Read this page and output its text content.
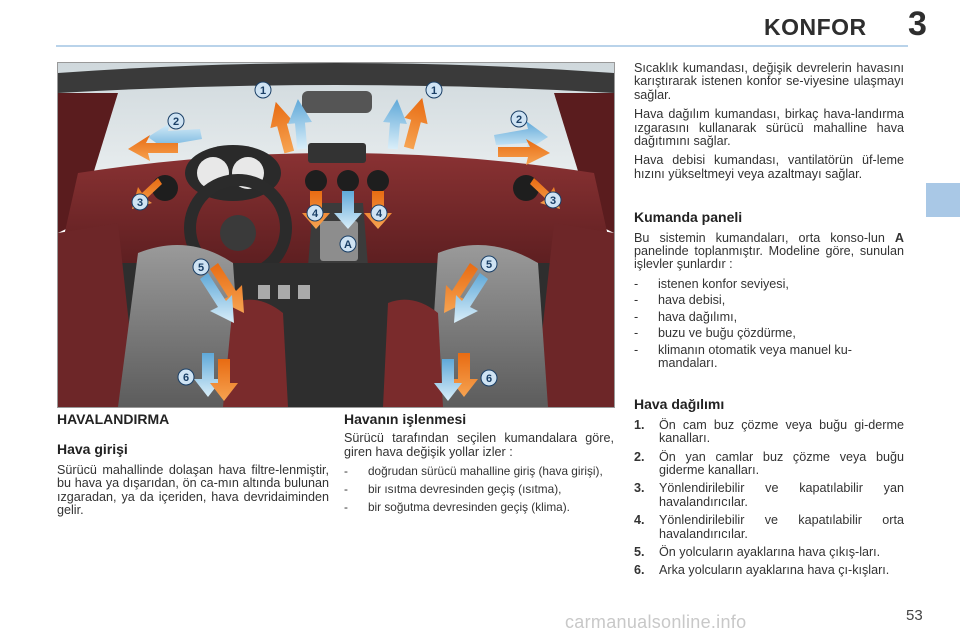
KONFOR 3
1	1
2	2
3	3
4	4
A
5	5
6	6
HAVALANDIRMA
Hava girişi

Sürücü mahallinde dolaşan hava filtre-lenmiştir, bu hava ya dışarıdan, ön ca-mın altında bulunan ızgaradan, ya da içeriden, hava devridaiminden gelir.

Havanın işlenmesi

Sürücü tarafından seçilen kumandalara göre, giren hava değişik yollar izler :

- doğrudan sürücü mahalline giriş (hava girişi),
- bir ısıtma devresinden geçiş (ısıtma),
- bir soğutma devresinden geçiş (klima).

Sıcaklık kumandası, değişik devrelerin havasını karıştırarak istenen konfor se-viyesine ulaşmayı sağlar.

Hava dağılım kumandası, birkaç hava-landırma ızgarasını kullanarak sürücü mahalline hava dağıtımını sağlar.

Hava debisi kumandası, vantilatörün üf-leme hızını yükseltmeyi veya azaltmayı sağlar.

Kumanda paneli

Bu sistemin kumandaları, orta konso-lun A panelinde toplanmıştır. Modeline göre, sunulan işlevler şunlardır :

- istenen konfor seviyesi,
- hava debisi,
- hava dağılımı,
- buzu ve buğu çözdürme,
- klimanın otomatik veya manuel ku-mandaları.
Hava dağılımı
1. Ön cam buz çözme veya buğu gi-derme kanalları.
2. Ön yan camlar buz çözme veya buğu giderme kanalları.
3. Yönlendirilebilir ve kapatılabilir yan havalandırıcılar.
4. Yönlendirilebilir ve kapatılabilir orta havalandırıcılar.
5. Ön yolcuların ayaklarına hava çıkış-ları.
6. Arka yolcuların ayaklarına hava çı-kışları.
carmanualsonline.info	53
